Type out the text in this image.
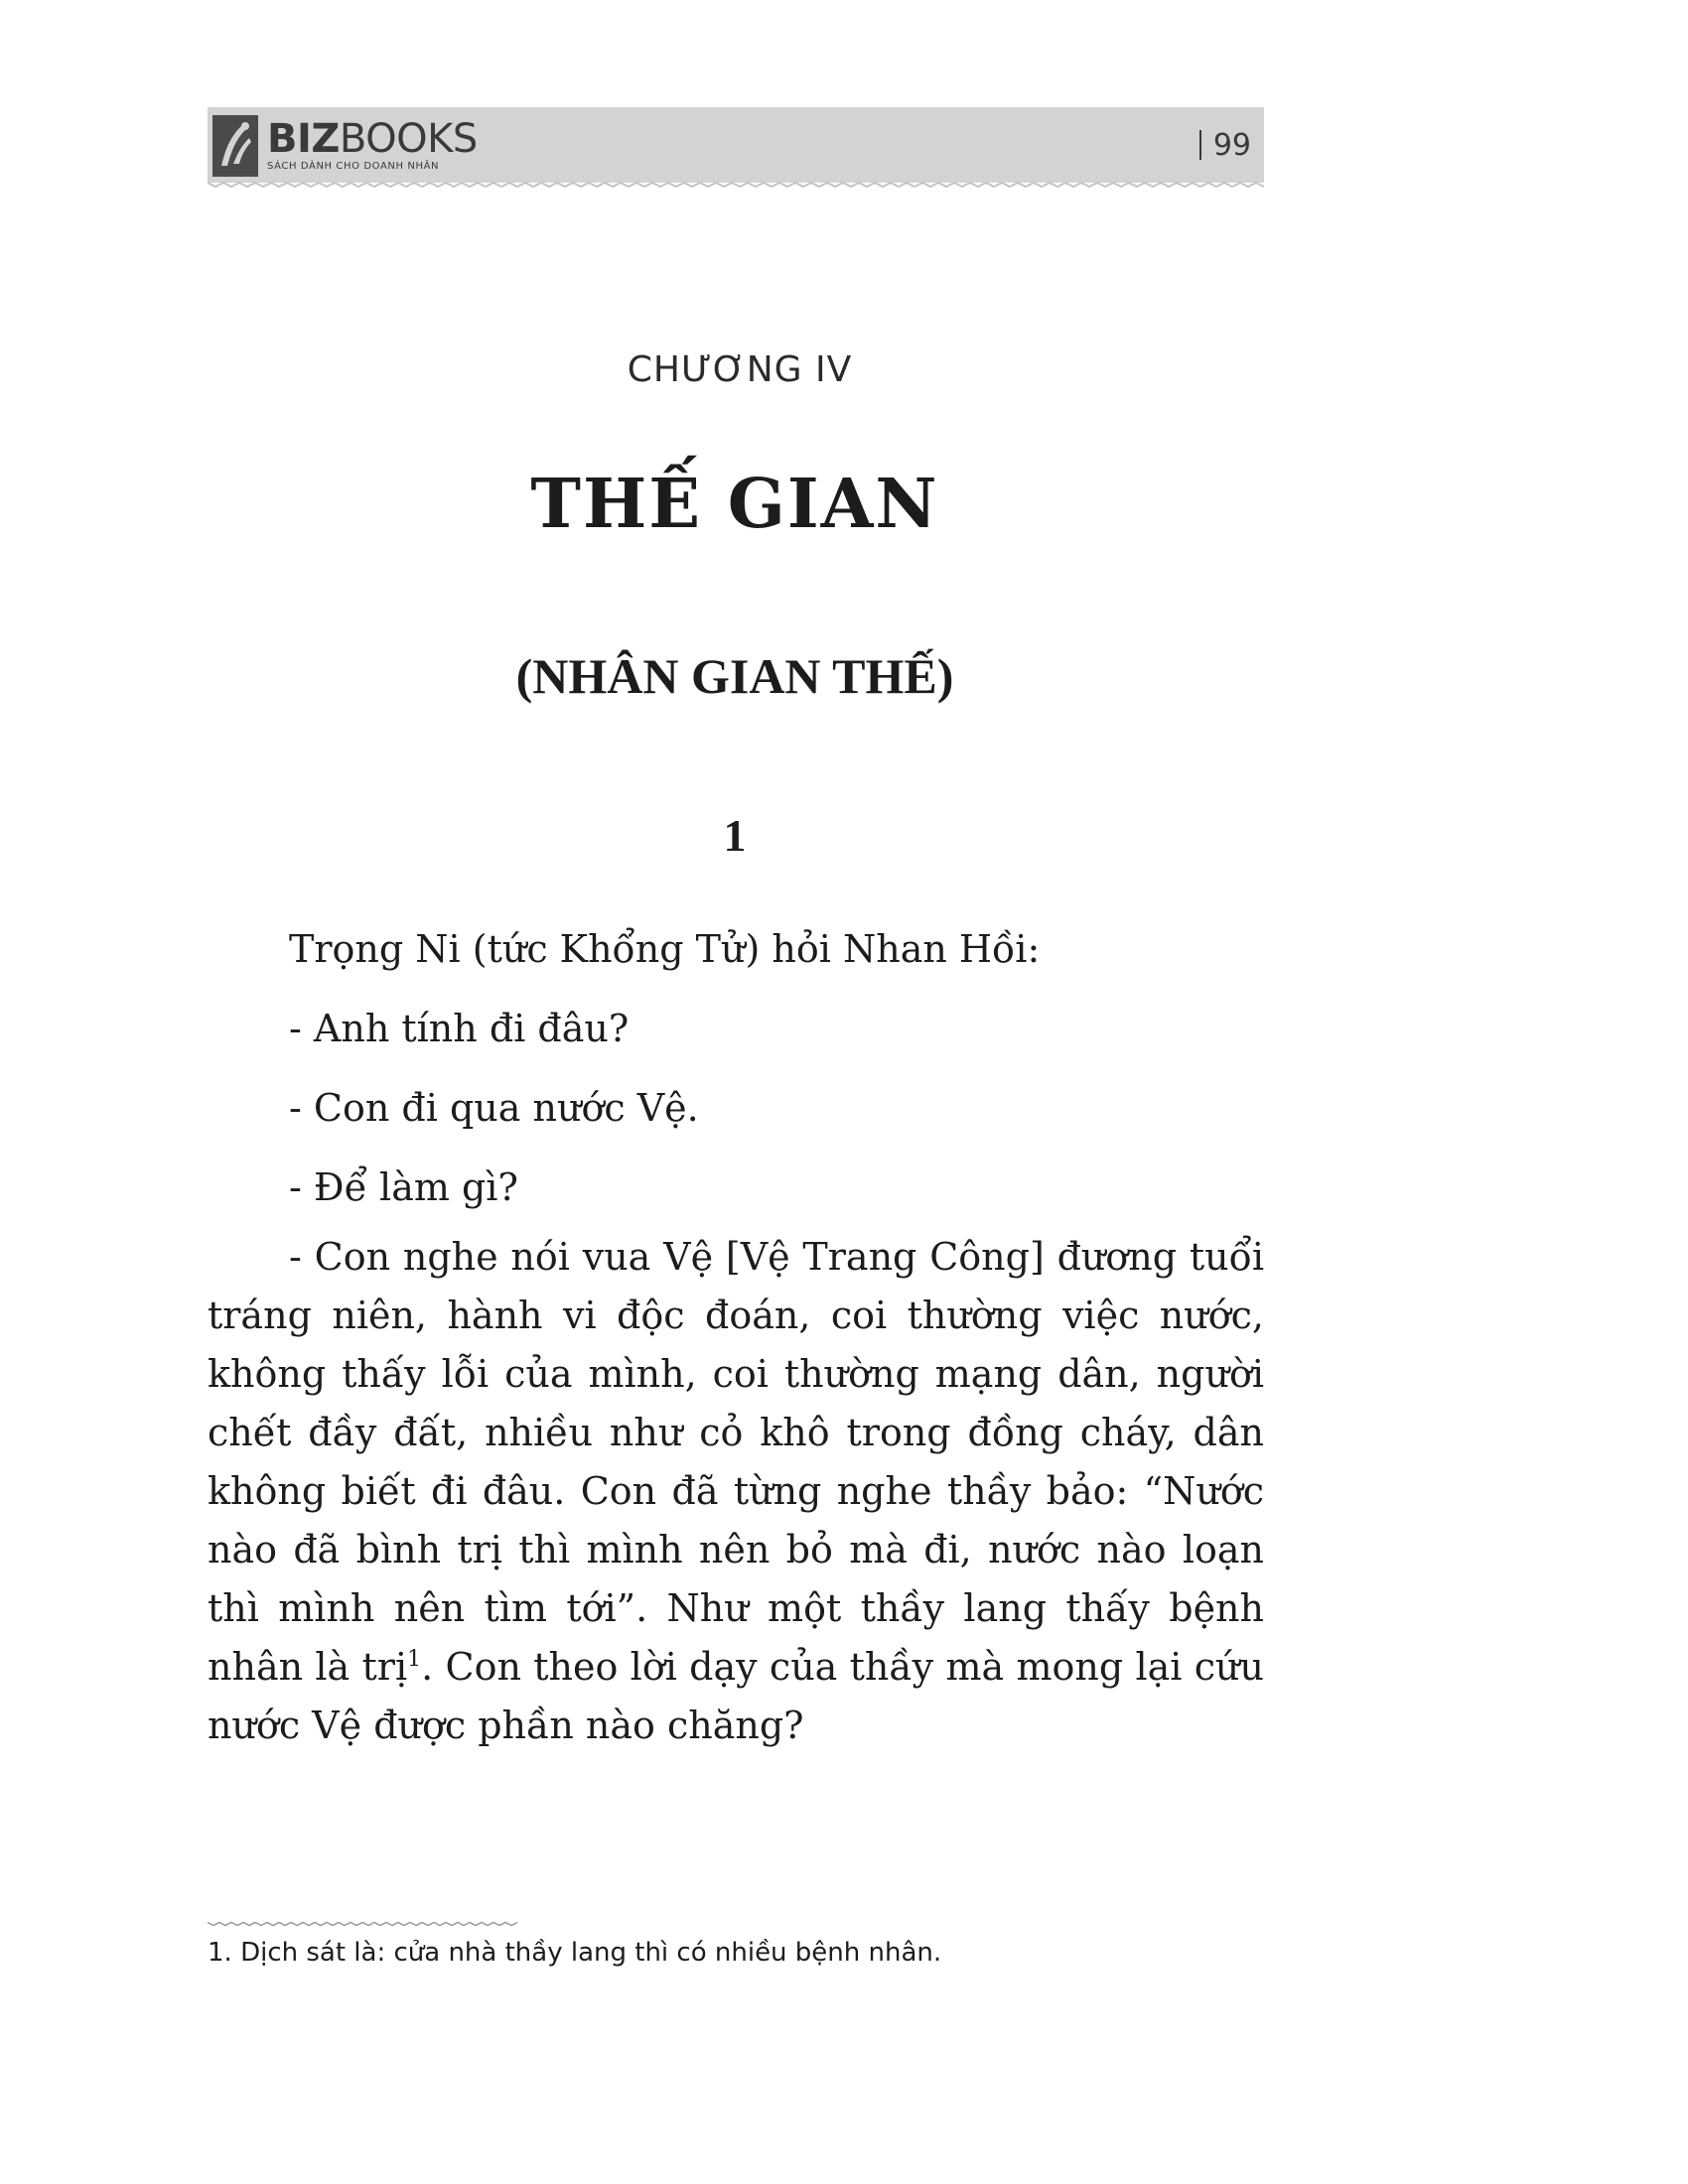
BIZBOOKS
SÁCH DÀNH CHO DOANH NHÂN
99
CHƯƠNG IV
THẾ GIAN
(NHÂN GIAN THẾ)
1

Trọng Ni (tức Khổng Tử) hỏi Nhan Hồi:

- Anh tính đi đâu?

- Con đi qua nước Vệ.

- Để làm gì?

- Con nghe nói vua Vệ [Vệ Trang Công] đương tuổi tráng niên, hành vi độc đoán, coi thường việc nước, không thấy lỗi của mình, coi thường mạng dân, người chết đầy đất, nhiều như cỏ khô trong đồng cháy, dân không biết đi đâu. Con đã từng nghe thầy bảo: “Nước nào đã bình trị thì mình nên bỏ mà đi, nước nào loạn thì mình nên tìm tới”. Như một thầy lang thấy bệnh nhân là trị$^1$. Con theo lời dạy của thầy mà mong lại cứu nước Vệ được phần nào chăng?

1. Dịch sát là: cửa nhà thầy lang thì có nhiều bệnh nhân.
